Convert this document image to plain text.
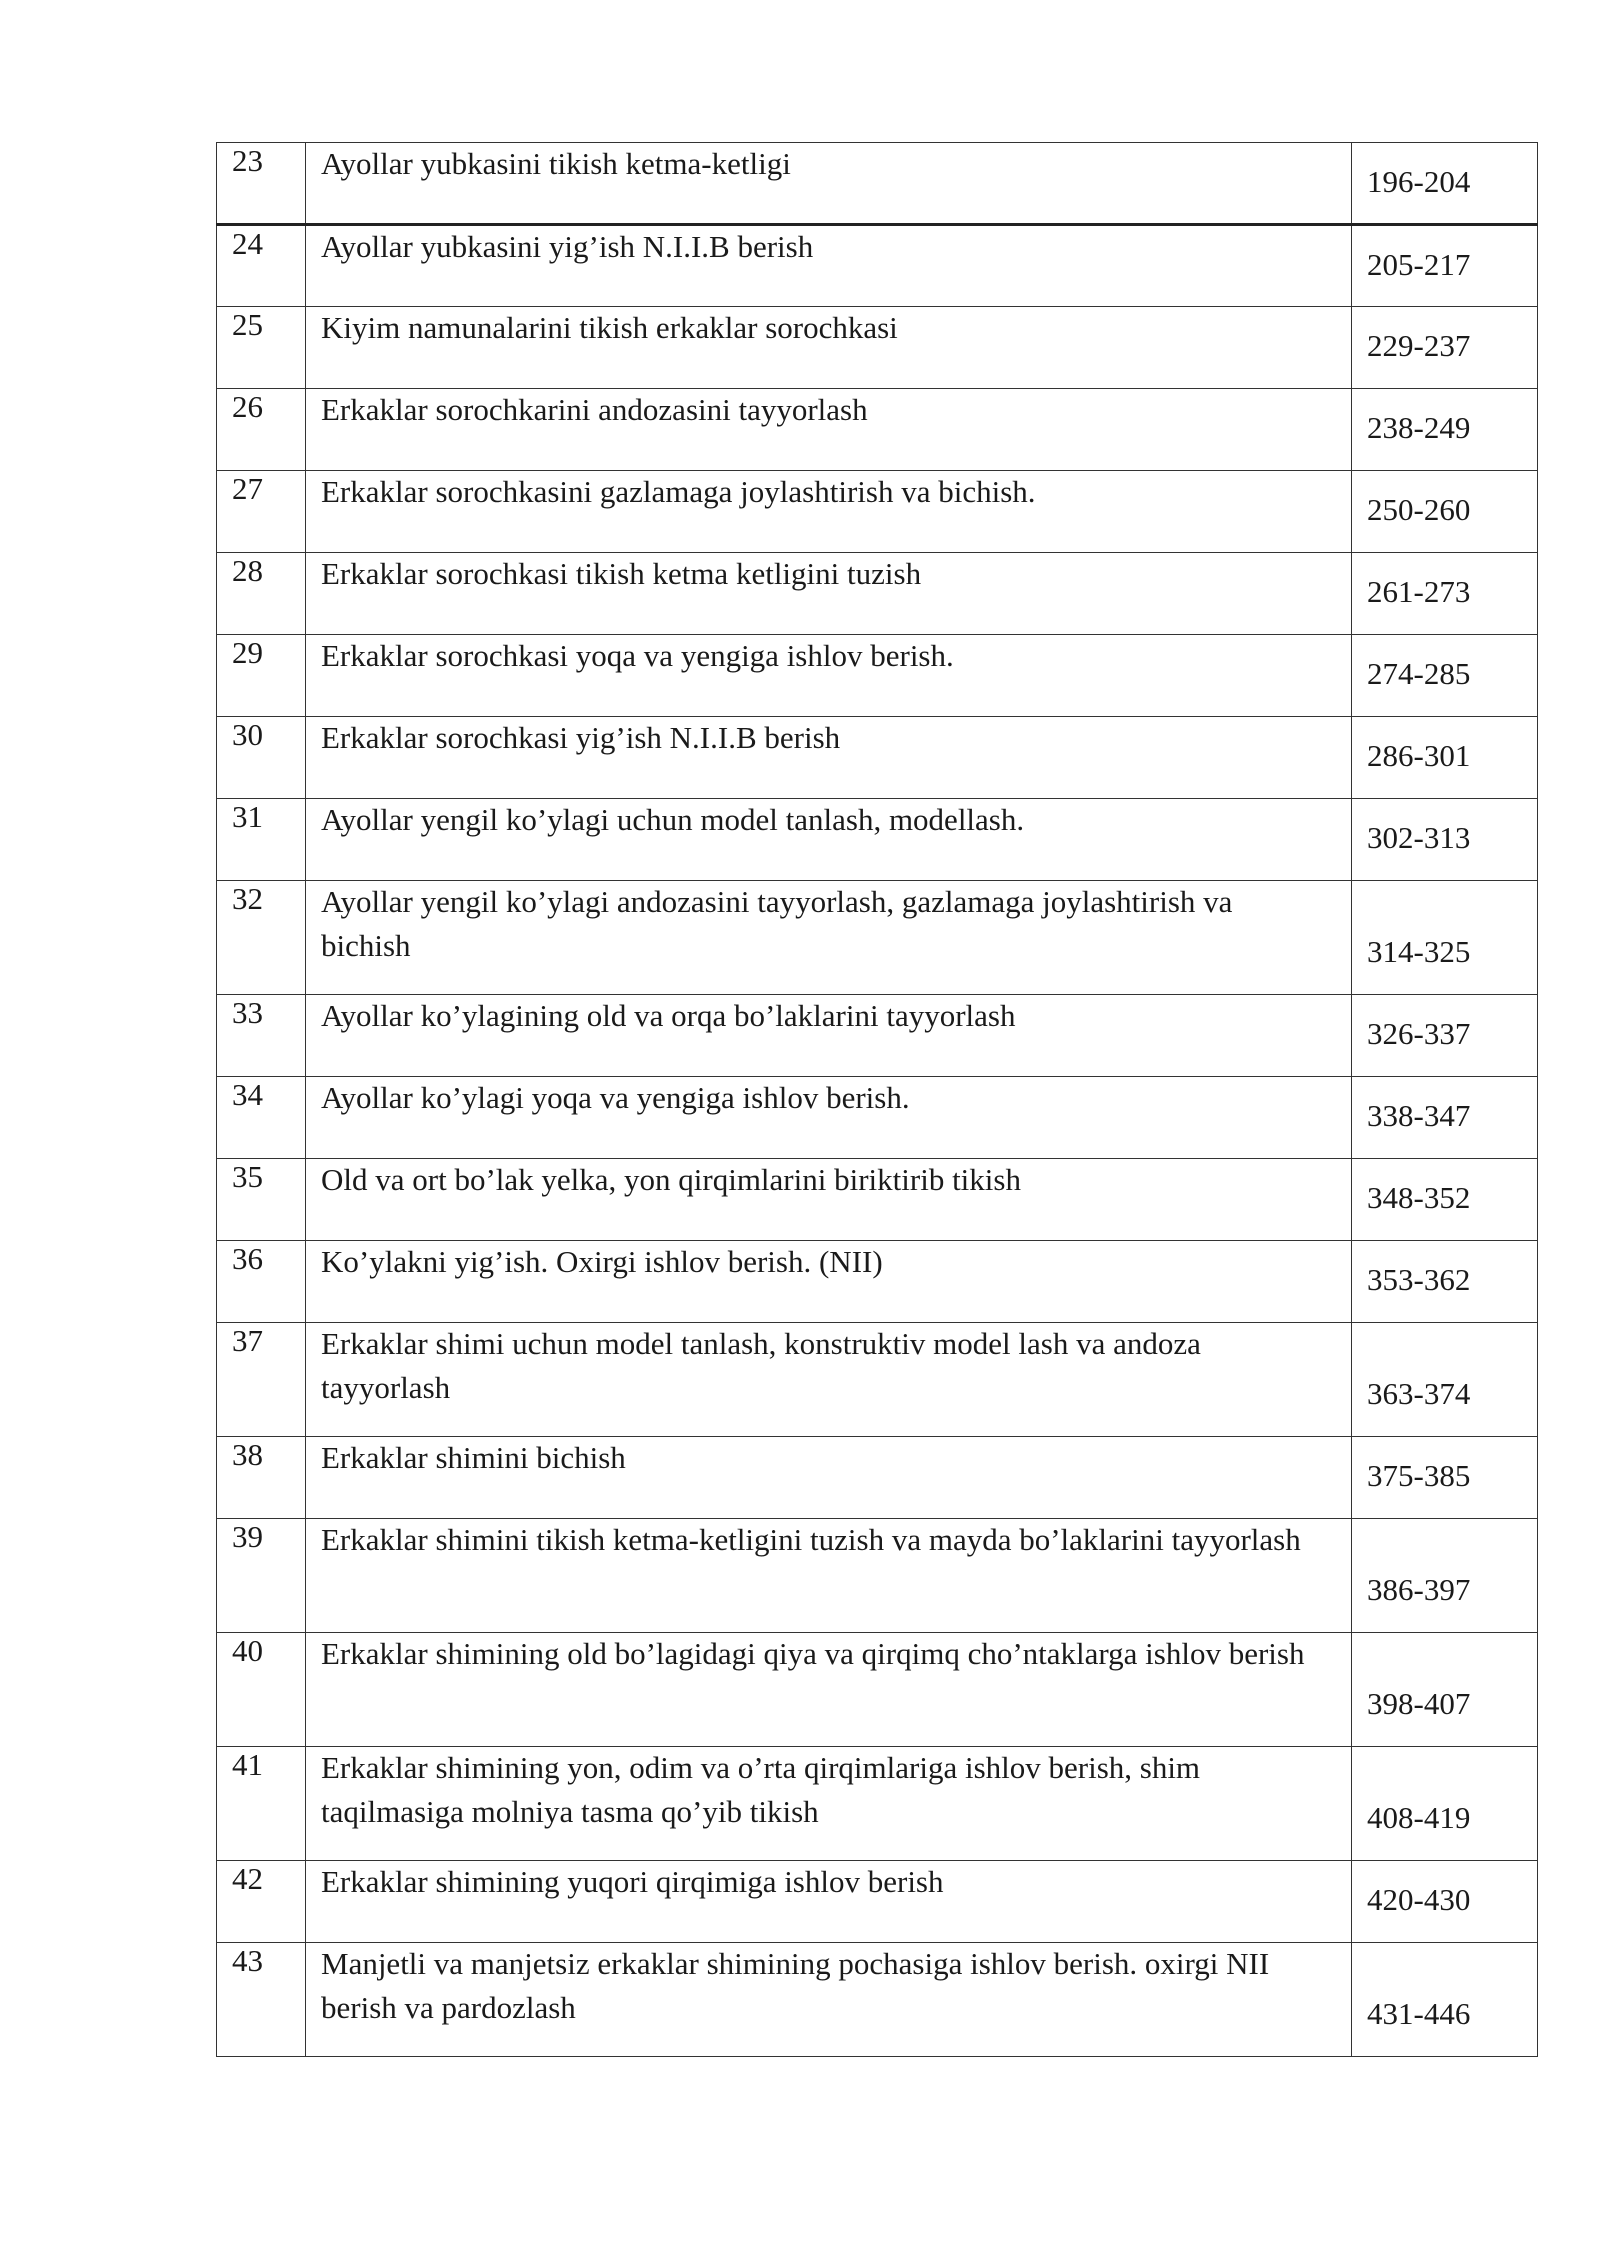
23	Ayollar yubkasini tikish ketma-ketligi	196-204

24	Ayollar yubkasini yig’ish N.I.I.B berish	205-217

25	Kiyim namunalarini tikish erkaklar sorochkasi	229-237

26	Erkaklar sorochkarini andozasini tayyorlash	238-249

27	Erkaklar sorochkasini gazlamaga joylashtirish va bichish.	250-260

28	Erkaklar sorochkasi tikish ketma ketligini tuzish	261-273

29	Erkaklar sorochkasi yoqa va yengiga ishlov berish.	274-285

30	Erkaklar sorochkasi yig’ish N.I.I.B berish	286-301

31	Ayollar yengil ko’ylagi uchun model tanlash, modellash.	302-313

32	Ayollar yengil ko’ylagi andozasini tayyorlash, gazlamaga joylashtirish va bichish	314-325

33	Ayollar ko’ylagining old va orqa bo’laklarini tayyorlash	326-337

34	Ayollar ko’ylagi yoqa va yengiga ishlov berish.	338-347

35	Old va ort bo’lak yelka, yon qirqimlarini biriktirib tikish	348-352

36	Ko’ylakni yig’ish. Oxirgi ishlov berish. (NII)	353-362

37	Erkaklar shimi uchun model tanlash, konstruktiv model lash va andoza tayyorlash	363-374

38	Erkaklar shimini bichish	375-385

39	Erkaklar shimini tikish ketma-ketligini tuzish va mayda bo’laklarini tayyorlash	386-397

40	Erkaklar shimining old bo’lagidagi qiya va qirqimq cho’ntaklarga ishlov berish	398-407

41	Erkaklar shimining yon, odim va o’rta qirqimlariga ishlov berish, shim taqilmasiga molniya tasma qo’yib tikish	408-419

42	Erkaklar shimining yuqori qirqimiga ishlov berish	420-430

43	Manjetli va manjetsiz erkaklar shimining pochasiga ishlov berish. oxirgi NII berish va pardozlash	431-446
